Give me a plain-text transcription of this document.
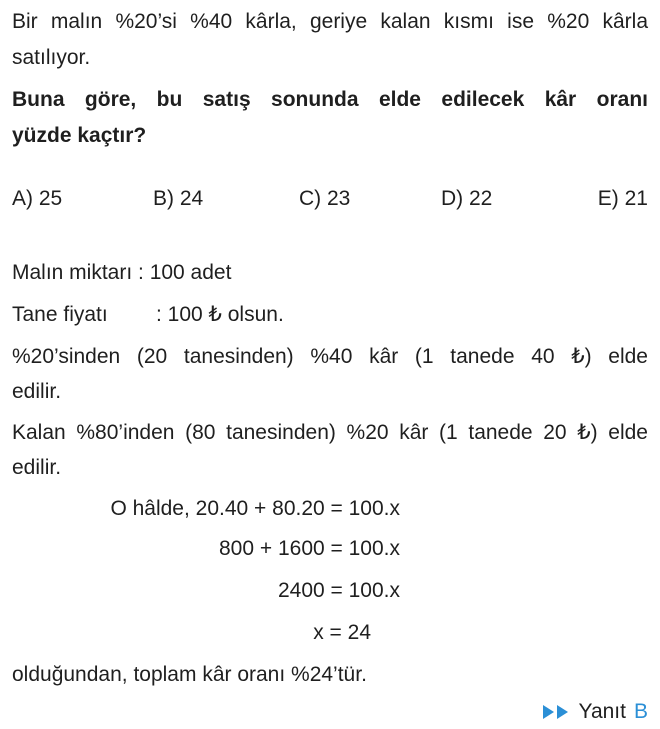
Bir malın %20’si %40 kârla, geriye kalan kısmı ise %20 kârla
satılıyor.
Buna göre, bu satış sonunda elde edilecek kâr oranı
yüzde kaçtır?
A) 25	B) 24	C) 23	D) 22	E) 21
Malın miktarı : 100 adet
Tane fiyatı : 100 ₺ olsun.
%20’sinden (20 tanesinden) %40 kâr (1 tanede 40 ₺) elde
edilir.
Kalan %80’inden (80 tanesinden) %20 kâr (1 tanede 20 ₺) elde
edilir.
O hâlde, 20.40 + 80.20 = 100.x
800 + 1600 = 100.x
2400 = 100.x
x = 24
olduğundan, toplam kâr oranı %24’tür.
Yanıt B
